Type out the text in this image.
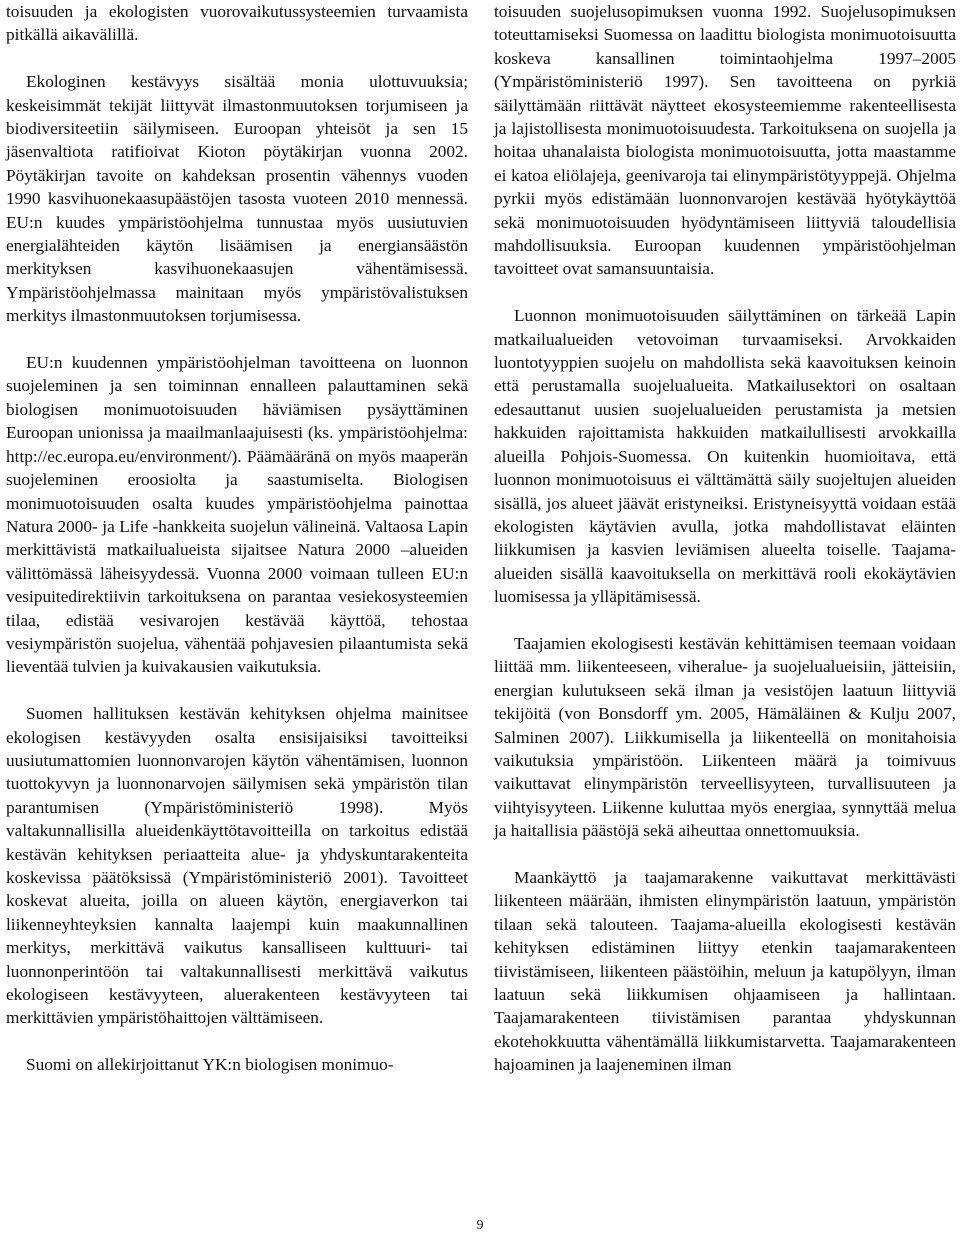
toisuuden ja ekologisten vuorovaikutussysteemien turvaamista pitkällä aikavälillä.

Ekologinen kestävyys sisältää monia ulottuvuuksia; keskeisimmät tekijät liittyvät ilmastonmuutoksen torjumiseen ja biodiversiteetiin säilymiseen. Euroopan yhteisöt ja sen 15 jäsenvaltiota ratifioivat Kioton pöytäkirjan vuonna 2002. Pöytäkirjan tavoite on kahdeksan prosentin vähennys vuoden 1990 kasvihuonekaasupäästöjen tasosta vuoteen 2010 mennessä. EU:n kuudes ympäristöohjelma tunnustaa myös uusiutuvien energialähteiden käytön lisäämisen ja energiansäästön merkityksen kasvihuonekaasujen vähentämisessä. Ympäristöohjelmassa mainitaan myös ympäristövalistuksen merkitys ilmastonmuutoksen torjumisessa.

EU:n kuudennen ympäristöohjelman tavoitteena on luonnon suojeleminen ja sen toiminnan ennalleen palauttaminen sekä biologisen monimuotoisuuden häviämisen pysäyttäminen Euroopan unionissa ja maailmanlaajuisesti (ks. ympäristöohjelma: http://ec.europa.eu/environment/). Päämääränä on myös maaperän suojeleminen eroosiolta ja saastumiselta. Biologisen monimuotoisuuden osalta kuudes ympäristöohjelma painottaa Natura 2000- ja Life -hankkeita suojelun välineinä. Valtaosa Lapin merkittävistä matkailualueista sijaitsee Natura 2000 –alueiden välittömässä läheisyydessä. Vuonna 2000 voimaan tulleen EU:n vesipuitedirektiivin tarkoituksena on parantaa vesiekosysteemien tilaa, edistää vesivarojen kestävää käyttöä, tehostaa vesiympäristön suojelua, vähentää pohjavesien pilaantumista sekä lieventää tulvien ja kuivakausien vaikutuksia.

Suomen hallituksen kestävän kehityksen ohjelma mainitsee ekologisen kestävyyden osalta ensisijaisiksi tavoitteiksi uusiutumattomien luonnonvarojen käytön vähentämisen, luonnon tuottokyvyn ja luonnonarvojen säilymisen sekä ympäristön tilan parantumisen (Ympäristöministeriö 1998). Myös valtakunnallisilla alueidenkäyttötavoitteilla on tarkoitus edistää kestävän kehityksen periaatteita alue- ja yhdyskuntarakenteita koskevissa päätöksissä (Ympäristöministeriö 2001). Tavoitteet koskevat alueita, joilla on alueen käytön, energiaverkon tai liikenneyhteyksien kannalta laajempi kuin maakunnallinen merkitys, merkittävä vaikutus kansalliseen kulttuuri- tai luonnonperintöön tai valtakunnallisesti merkittävä vaikutus ekologiseen kestävyyteen, aluerakenteen kestävyyteen tai merkittävien ympäristöhaittojen välttämiseen.

Suomi on allekirjoittanut YK:n biologisen monimuo-

toisuuden suojelusopimuksen vuonna 1992. Suojelusopimuksen toteuttamiseksi Suomessa on laadittu biologista monimuotoisuutta koskeva kansallinen toimintaohjelma 1997–2005 (Ympäristöministeriö 1997). Sen tavoitteena on pyrkiä säilyttämään riittävät näytteet ekosysteemiemme rakenteellisesta ja lajistollisesta monimuotoisuudesta. Tarkoituksena on suojella ja hoitaa uhanalaista biologista monimuotoisuutta, jotta maastamme ei katoa eliölajeja, geenivaroja tai elinympäristötyyppejä. Ohjelma pyrkii myös edistämään luonnonvarojen kestävää hyötykäyttöä sekä monimuotoisuuden hyödyntämiseen liittyviä taloudellisia mahdollisuuksia. Euroopan kuudennen ympäristöohjelman tavoitteet ovat samansuuntaisia.

Luonnon monimuotoisuuden säilyttäminen on tärkeää Lapin matkailualueiden vetovoiman turvaamiseksi. Arvokkaiden luontotyyppien suojelu on mahdollista sekä kaavoituksen keinoin että perustamalla suojelualueita. Matkailusektori on osaltaan edesauttanut uusien suojelualueiden perustamista ja metsien hakkuiden rajoittamista hakkuiden matkailullisesti arvokkailla alueilla Pohjois-Suomessa. On kuitenkin huomioitava, että luonnon monimuotoisuus ei välttämättä säily suojeltujen alueiden sisällä, jos alueet jäävät eristyneiksi. Eristyneisyyttä voidaan estää ekologisten käytävien avulla, jotka mahdollistavat eläinten liikkumisen ja kasvien leviämisen alueelta toiselle. Taajama-alueiden sisällä kaavoituksella on merkittävä rooli ekokäytävien luomisessa ja ylläpitämisessä.

Taajamien ekologisesti kestävän kehittämisen teemaan voidaan liittää mm. liikenteeseen, viheralue- ja suojelualueisiin, jätteisiin, energian kulutukseen sekä ilman ja vesistöjen laatuun liittyviä tekijöitä (von Bonsdorff ym. 2005, Hämäläinen & Kulju 2007, Salminen 2007). Liikkumisella ja liikenteellä on monitahoisia vaikutuksia ympäristöön. Liikenteen määrä ja toimivuus vaikuttavat elinympäristön terveellisyyteen, turvallisuuteen ja viihtyisyyteen. Liikenne kuluttaa myös energiaa, synnyttää melua ja haitallisia päästöjä sekä aiheuttaa onnettomuuksia.

Maankäyttö ja taajamarakenne vaikuttavat merkittävästi liikenteen määrään, ihmisten elinympäristön laatuun, ympäristön tilaan sekä talouteen. Taajama-alueilla ekologisesti kestävän kehityksen edistäminen liittyy etenkin taajamarakenteen tiivistämiseen, liikenteen päästöihin, meluun ja katupölyyn, ilman laatuun sekä liikkumisen ohjaamiseen ja hallintaan. Taajamarakenteen tiivistämisen parantaa yhdyskunnan ekotehokkuutta vähentämällä liikkumistarvetta. Taajamarakenteen hajoaminen ja laajeneminen ilman

9
